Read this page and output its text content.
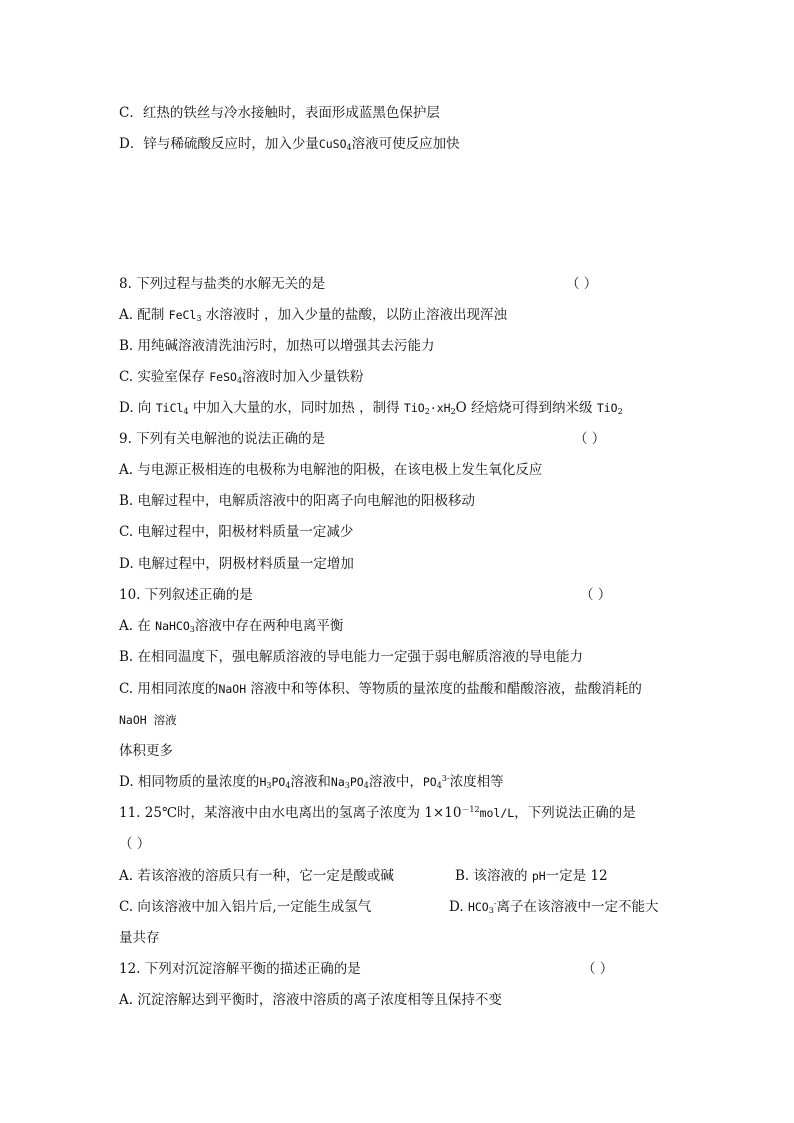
C．红热的铁丝与冷水接触时，表面形成蓝黑色保护层
D．锌与稀硫酸反应时，加入少量CuSO$_4$溶液可使反应加快
8. 下列过程与盐类的水解无关的是	（ ）
A. 配制 FeCl$_3$ 水溶液时 ，加入少量的盐酸，以防止溶液出现浑浊
B. 用纯碱溶液清洗油污时，加热可以增强其去污能力
C. 实验室保存 FeSO$_4$溶液时加入少量铁粉
D. 向 TiCl$_4$ 中加入大量的水，同时加热 ，制得 $TiO_2\cdot xH_2O$ 经焙烧可得到纳米级 TiO$_2$
9. 下列有关电解池的说法正确的是	（ ）
A. 与电源正极相连的电极称为电解池的阳极，在该电极上发生氧化反应
B. 电解过程中，电解质溶液中的阳离子向电解池的阳极移动
C. 电解过程中，阳极材料质量一定减少
D. 电解过程中，阴极材料质量一定增加
10. 下列叙述正确的是	（ ）
A. 在 NaHCO$_3$溶液中存在两种电离平衡
B. 在相同温度下，强电解质溶液的导电能力一定强于弱电解质溶液的导电能力
C. 用相同浓度的NaOH 溶液中和等体积、等物质的量浓度的盐酸和醋酸溶液，盐酸消耗的
NaOH 溶液
体积更多
D. 相同物质的量浓度的$H_3PO_4$溶液和$Na_3PO_4$溶液中，$PO_4^{3-}$浓度相等
11. 25℃时，某溶液中由水电离出的氢离子浓度为 $1\times 10^{-12}mol/L$，下列说法正确的是
（ ）
A. 若该溶液的溶质只有一种，它一定是酸或碱	B. 该溶液的 pH一定是 12
C. 向该溶液中加入铝片后,一定能生成氢气	D. $HCO_3^-$离子在该溶液中一定不能大
量共存
12. 下列对沉淀溶解平衡的描述正确的是	（ ）
A. 沉淀溶解达到平衡时，溶液中溶质的离子浓度相等且保持不变
